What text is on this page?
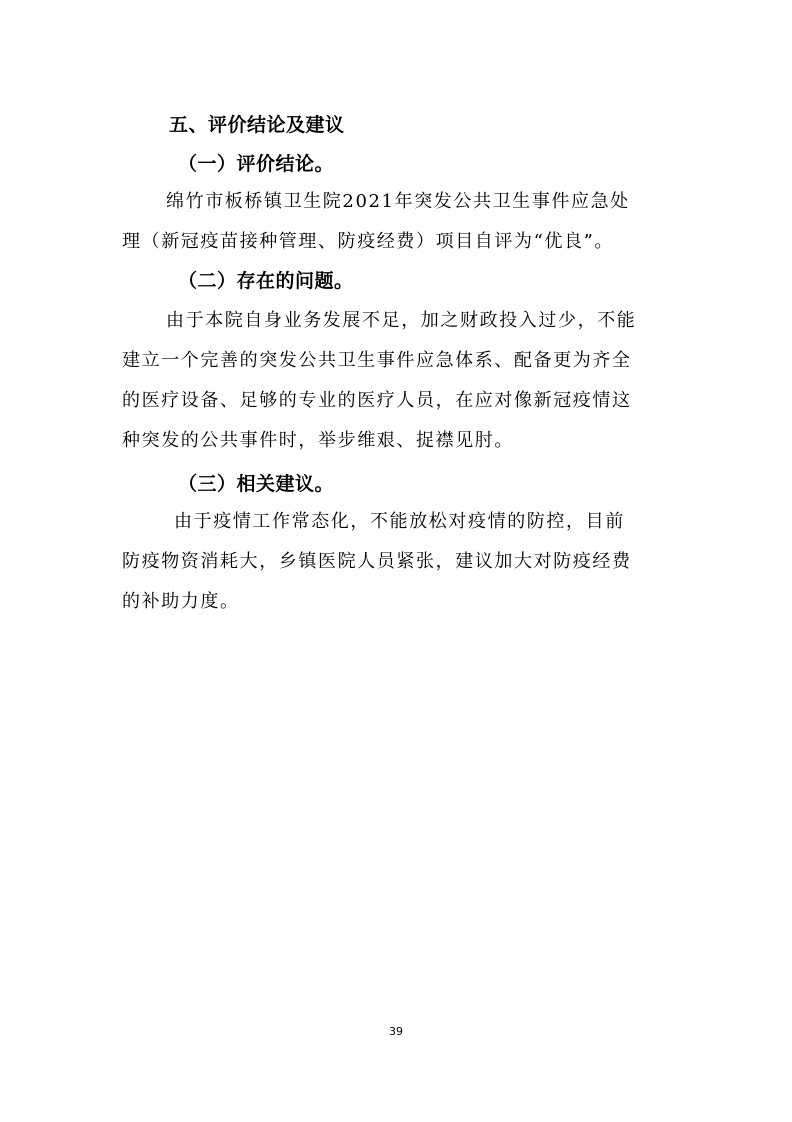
五、评价结论及建议
（一）评价结论。
绵竹市板桥镇卫生院2021年突发公共卫生事件应急处
理（新冠疫苗接种管理、防疫经费）项目自评为“优良”。
（二）存在的问题。
由于本院自身业务发展不足，加之财政投入过少，不能
建立一个完善的突发公共卫生事件应急体系、配备更为齐全
的医疗设备、足够的专业的医疗人员，在应对像新冠疫情这
种突发的公共事件时，举步维艰、捉襟见肘。
（三）相关建议。
由于疫情工作常态化，不能放松对疫情的防控，目前
防疫物资消耗大，乡镇医院人员紧张，建议加大对防疫经费
的补助力度。
39
